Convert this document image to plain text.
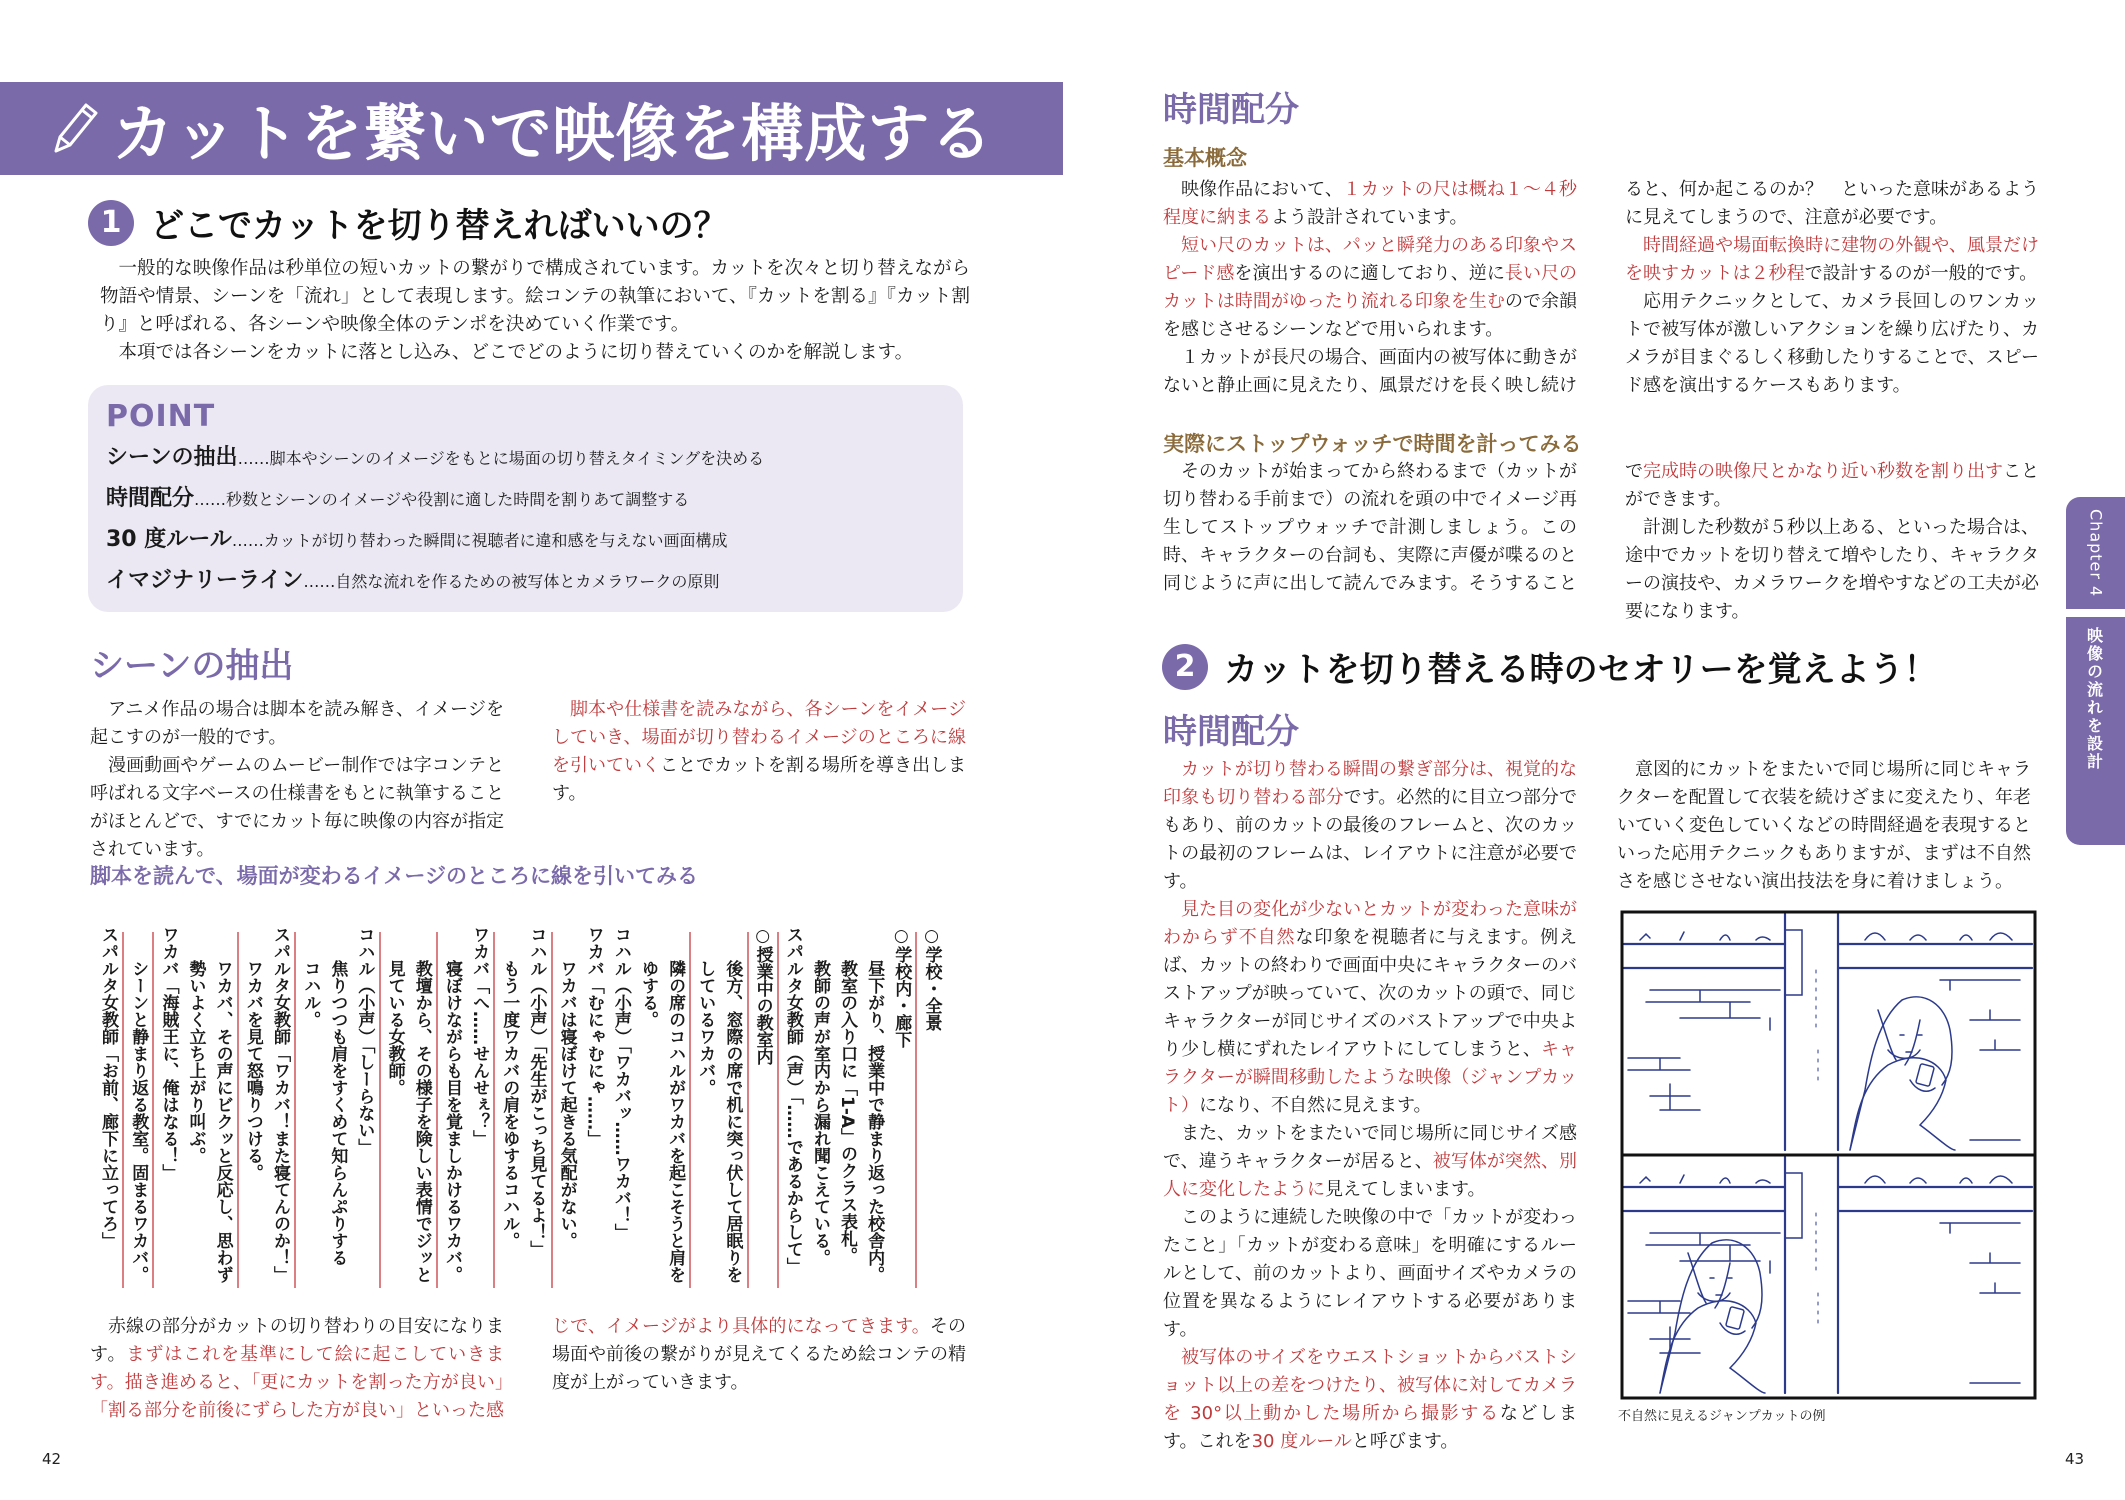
カットを繋いで映像を構成する
1 どこでカットを切り替えればいいの？

一般的な映像作品は秒単位の短いカットの繋がりで構成されています。カットを次々と切り替えながら物語や情景、シーンを「流れ」として表現します。絵コンテの執筆において、『カットを割る』『カット割り』と呼ばれる、各シーンや映像全体のテンポを決めていく作業です。

本項では各シーンをカットに落とし込み、どこでどのように切り替えていくのかを解説します。

POINT
シーンの抽出 ……脚本やシーンのイメージをもとに場面の切り替えタイミングを決める
時間配分 ……秒数とシーンのイメージや役割に適した時間を割りあて調整する
30 度ルール ……カットが切り替わった瞬間に視聴者に違和感を与えない画面構成
イマジナリーライン ……自然な流れを作るための被写体とカメラワークの原則
シーンの抽出

アニメ作品の場合は脚本を読み解き、イメージを起こすのが一般的です。

漫画動画やゲームのムービー制作では字コンテと呼ばれる文字ベースの仕様書をもとに執筆することがほとんどで、すでにカット毎に映像の内容が指定されています。

脚本や仕様書を読みながら、各シーンをイメージしていき、場面が切り替わるイメージのところに線を引いていくことでカットを割る場所を導き出します。

脚本を読んで、場面が変わるイメージのところに線を引いてみる
○学校・全景
○学校内・廊下
　　昼下がり、授業中で静まり返った校舎内。
　　教室の入り口に「1-A」のクラス表札。
　　教師の声が室内から漏れ聞こえている。
スパルタ女教師（声）「……であるからして」
○授業中の教室内
　　後方、窓際の席で机に突っ伏して居眠りを
　　しているワカバ。
　　隣の席のコハルがワカバを起こそうと肩を
　　ゆする。
コハル（小声）「ワカバッ……ワカバ！」
ワカバ「むにゃむにゃ……」
　　ワカバは寝ぼけて起きる気配がない。
コハル（小声）「先生がこっち見てるよ！」
　　もう一度ワカバの肩をゆするコハル。
ワカバ「へ……せんせぇ？」
　　寝ぼけながらも目を覚ましかけるワカバ。
　　教壇から、その様子を険しい表情でジッと
　　見ている女教師。
コハル（小声）「しーらない」
　　焦りつつも肩をすくめて知らんぷりする
　　コハル。
スパルタ女教師「ワカバ！また寝てんのか！」
　　ワカバを見て怒鳴りつける。
　　ワカバ、その声にビクッと反応し、思わず
　　勢いよく立ち上がり叫ぶ。
ワカバ「海賊王に、俺はなる！」
　　シーンと静まり返る教室。固まるワカバ。
スパルタ女教師「お前、廊下に立ってろ」

赤線の部分がカットの切り替わりの目安になります。まずはこれを基準にして絵に起こしていきます。描き進めると、「更にカットを割った方が良い」「割る部分を前後にずらした方が良い」といった感じで、イメージがより具体的になってきます。その場面や前後の繋がりが見えてくるため絵コンテの精度が上がっていきます。

42
時間配分
基本概念

映像作品において、１カットの尺は概ね１～４秒程度に納まるよう設計されています。

短い尺のカットは、パッと瞬発力のある印象やスピード感を演出するのに適しており、逆に長い尺のカットは時間がゆったり流れる印象を生むので余韻を感じさせるシーンなどで用いられます。

１カットが長尺の場合、画面内の被写体に動きがないと静止画に見えたり、風景だけを長く映し続けると、何か起こるのか？　といった意味があるように見えてしまうので、注意が必要です。

時間経過や場面転換時に建物の外観や、風景だけを映すカットは２秒程で設計するのが一般的です。

応用テクニックとして、カメラ長回しのワンカットで被写体が激しいアクションを繰り広げたり、カメラが目まぐるしく移動したりすることで、スピード感を演出するケースもあります。

実際にストップウォッチで時間を計ってみる

そのカットが始まってから終わるまで（カットが切り替わる手前まで）の流れを頭の中でイメージ再生してストップウォッチで計測しましょう。この時、キャラクターの台詞も、実際に声優が喋るのと同じように声に出して読んでみます。そうすることで完成時の映像尺とかなり近い秒数を割り出すことができます。

計測した秒数が５秒以上ある、といった場合は、途中でカットを切り替えて増やしたり、キャラクターの演技や、カメラワークを増やすなどの工夫が必要になります。

2 カットを切り替える時のセオリーを覚えよう！
時間配分

カットが切り替わる瞬間の繋ぎ部分は、視覚的な印象も切り替わる部分です。必然的に目立つ部分でもあり、前のカットの最後のフレームと、次のカットの最初のフレームは、レイアウトに注意が必要です。

見た目の変化が少ないとカットが変わった意味がわからず不自然な印象を視聴者に与えます。例えば、カットの終わりで画面中央にキャラクターのバストアップが映っていて、次のカットの頭で、同じキャラクターが同じサイズのバストアップで中央より少し横にずれたレイアウトにしてしまうと、キャラクターが瞬間移動したような映像（ジャンプカット）になり、不自然に見えます。

また、カットをまたいで同じ場所に同じサイズ感で、違うキャラクターが居ると、被写体が突然、別人に変化したように見えてしまいます。

このように連続した映像の中で「カットが変わったこと」「カットが変わる意味」を明確にするルールとして、前のカットより、画面サイズやカメラの位置を異なるようにレイアウトする必要があります。

被写体のサイズをウエストショットからバストショット以上の差をつけたり、被写体に対してカメラを 30°以上動かした場所から撮影するなどします。これを30 度ルールと呼びます。

意図的にカットをまたいで同じ場所に同じキャラクターを配置して衣装を続けざまに変えたり、年老いていく変色していくなどの時間経過を表現するといった応用テクニックもありますが、まずは不自然さを感じさせない演出技法を身に着けましょう。

不自然に見えるジャンプカットの例
Chapter 4
映像の流れを設計
43
